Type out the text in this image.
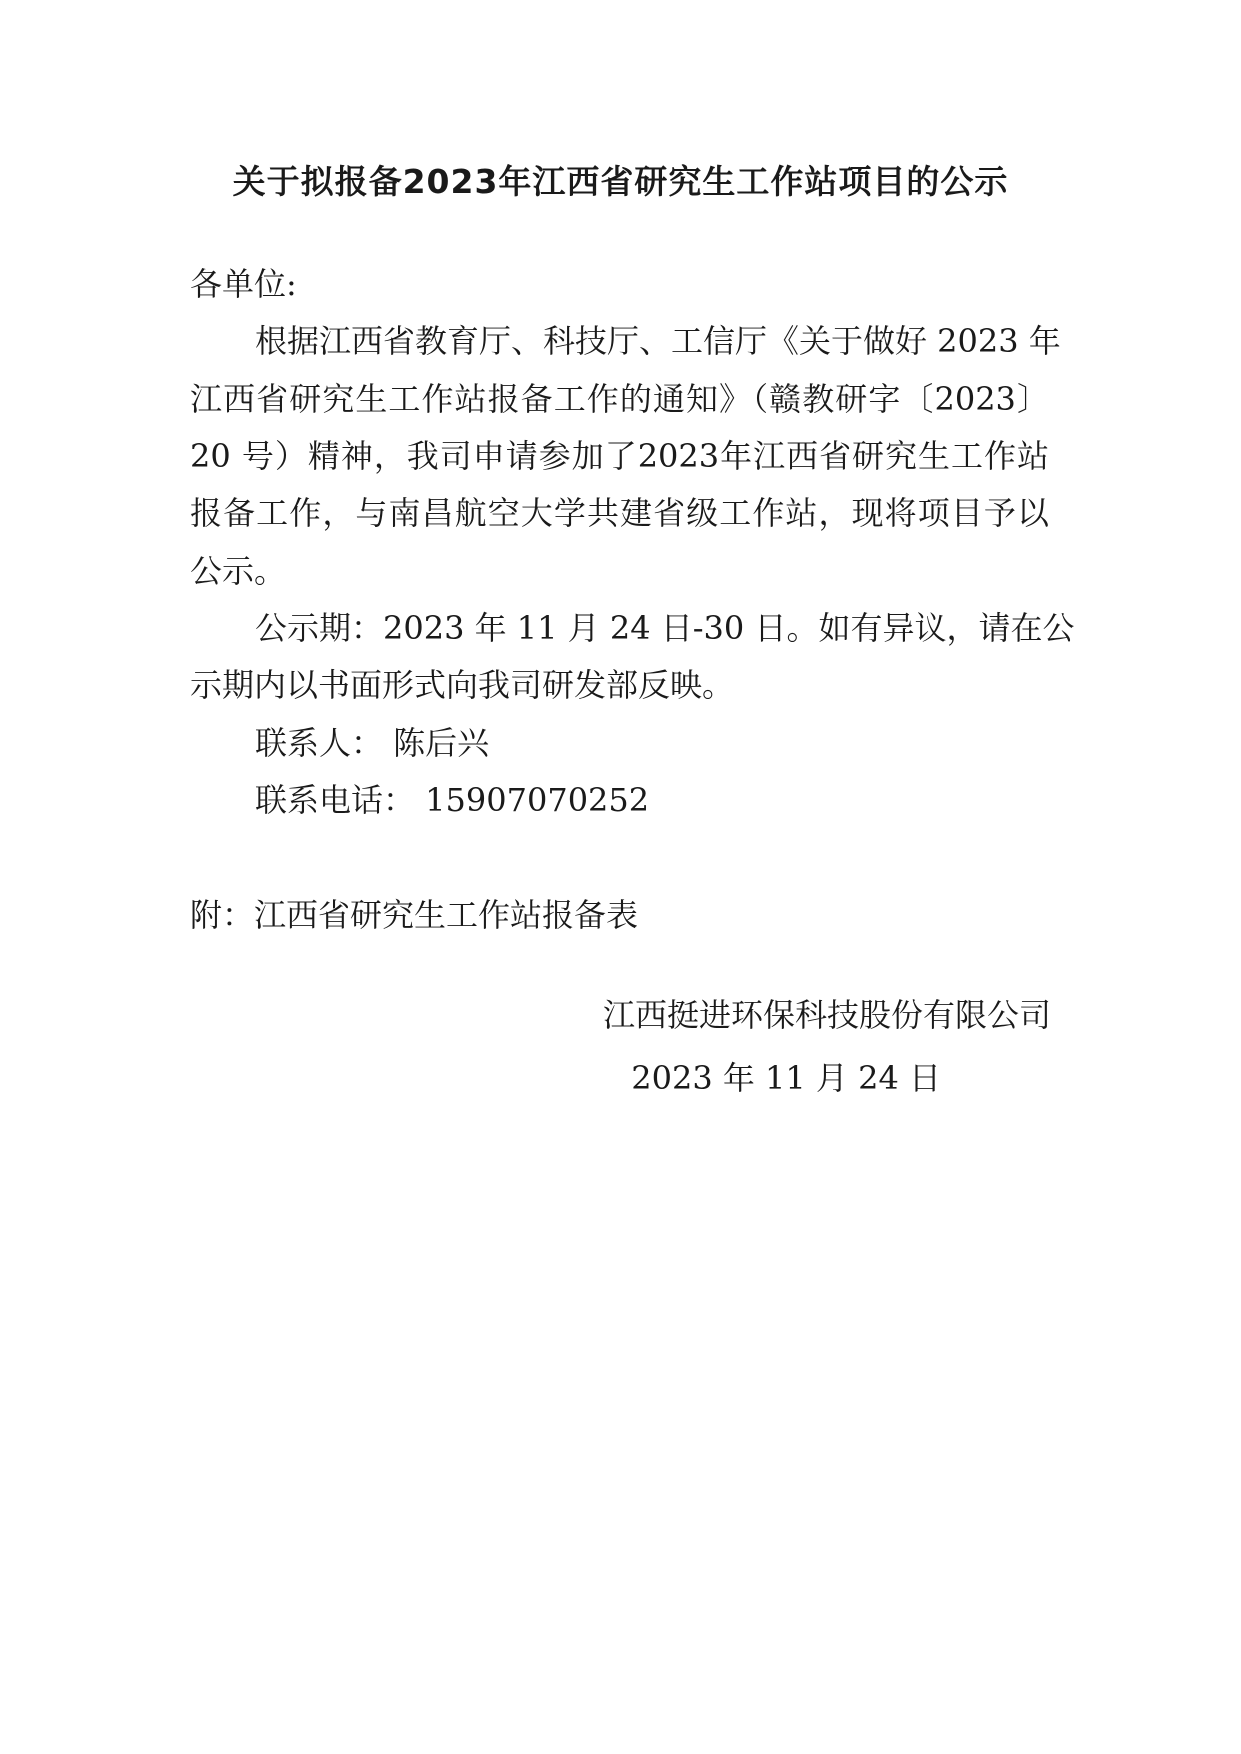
关于拟报备2023年江西省研究生工作站项目的公示

各单位:

根据江西省教育厅、科技厅、工信厅《关于做好 2023 年

江西省研究生工作站报备工作的通知》（赣教研字〔2023〕

20 号）精神，我司申请参加了2023年江西省研究生工作站

报备工作，与南昌航空大学共建省级工作站，现将项目予以

公示。

公示期：2023 年 11 月 24 日-30 日。如有异议，请在公

示期内以书面形式向我司研发部反映。

联系人： 陈后兴

联系电话： 15907070252

附：江西省研究生工作站报备表

江西挺进环保科技股份有限公司

2023 年 11 月 24 日
